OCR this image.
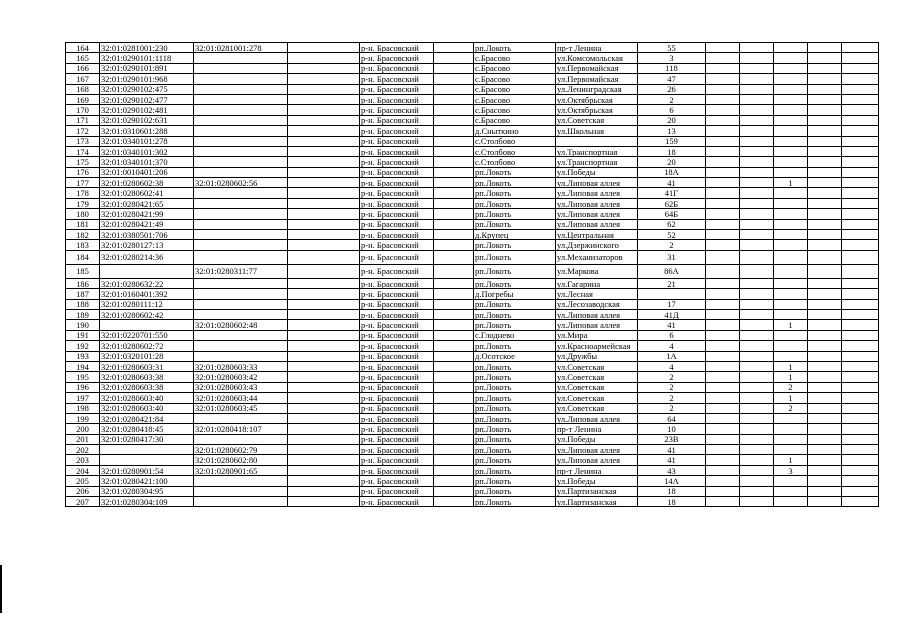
164	32:01:0281001:230	32:01:0281001:278		р-н. Брасовский		рп.Локоть	пр-т Ленина	55					

165	32:01:0290101:1118			р-н. Брасовский		с.Брасово	ул.Комсомольская	3					

166	32:01:0290101:891			р-н. Брасовский		с.Брасово	ул.Первомайская	118					

167	32:01:0290101:968			р-н. Брасовский		с.Брасово	ул.Первомайская	47					

168	32:01:0290102:475			р-н. Брасовский		с.Брасово	ул.Ленинградская	26					

169	32:01:0290102:477			р-н. Брасовский		с.Брасово	ул.Октябрьская	2					

170	32:01:0290102:481			р-н. Брасовский		с.Брасово	ул.Октябрьская	6					

171	32:01:0290102:631			р-н. Брасовский		с.Брасово	ул.Советская	20					

172	32:01:0310601:288			р-н. Брасовский		д.Сныткино	ул.Школьная	13					

173	32:01:0340101:278			р-н. Брасовский		с.Столбово		159					

174	32:01:0340101:302			р-н. Брасовский		с.Столбово	ул.Транспортная	18					

175	32:01:0340101:370			р-н. Брасовский		с.Столбово	ул.Транспортная	20					

176	32:01:0010401:206			р-н. Брасовский		рп.Локоть	ул.Победы	18А					

177	32:01:0280602:38	32:01:0280602:56		р-н. Брасовский		рп.Локоть	ул.Липовая аллея	41			1		

178	32:01:0280602:41			р-н. Брасовский		рп.Локоть	ул.Липовая аллея	41Г					

179	32:01:0280421:65			р-н. Брасовский		рп.Локоть	ул.Липовая аллея	62Б					

180	32:01:0280421:99			р-н. Брасовский		рп.Локоть	ул.Липовая аллея	64Б					

181	32:01:0280421:49			р-н. Брасовский		рп.Локоть	ул.Липовая аллея	62					

182	32:01:0380501:706			р-н. Брасовский		д.Крупец	ул.Центральная	52					

183	32:01:0280127:13			р-н. Брасовский		рп.Локоть	ул.Дзержинского	2					

184	32:01:0280214:36			р-н. Брасовский		рп.Локоть	ул.Механизаторов	31					

185		32:01:0280311:77		р-н. Брасовский		рп.Локоть	ул.Маркова	86А					

186	32:01:0280632:22			р-н. Брасовский		рп.Локоть	ул.Гагарина	21					

187	32:01:0160401:392			р-н. Брасовский		д.Погребы	ул.Лесная						

188	32:01:0280111:12			р-н. Брасовский		рп.Локоть	ул.Лесозаводская	17					

189	32:01:0280602:42			р-н. Брасовский		рп.Локоть	ул.Липовая аллея	41Д					

190		32:01:0280602:48		р-н. Брасовский		рп.Локоть	ул.Липовая аллея	41			1		

191	32:01:0220701:550			р-н. Брасовский		с.Глоднево	ул.Мира	6					

192	32:01:0280602:72			р-н. Брасовский		рп.Локоть	ул.Красноармейская	4					

193	32:01:0320101:28			р-н. Брасовский		д.Осотское	ул.Дружбы	1А					

194	32:01:0280603:31	32:01:0280603:33		р-н. Брасовский		рп.Локоть	ул.Советская	4			1		

195	32:01:0280603:38	32:01:0280603:42		р-н. Брасовский		рп.Локоть	ул.Советская	2			1		

196	32:01:0280603:38	32:01:0280603:43		р-н. Брасовский		рп.Локоть	ул.Советская	2			2		

197	32:01:0280603:40	32:01:0280603:44		р-н. Брасовский		рп.Локоть	ул.Советская	2			1		

198	32:01:0280603:40	32:01:0280603:45		р-н. Брасовский		рп.Локоть	ул.Советская	2			2		

199	32:01:0280421:84			р-н. Брасовский		рп.Локоть	ул.Липовая аллея	64					

200	32:01:0280418:45	32:01:0280418:107		р-н. Брасовский		рп.Локоть	пр-т Ленина	10					

201	32:01:0280417:30			р-н. Брасовский		рп.Локоть	ул.Победы	23В					

202		32:01:0280602:79		р-н. Брасовский		рп.Локоть	ул.Липовая аллея	41					

203		32:01:0280602:80		р-н. Брасовский		рп.Локоть	ул.Липовая аллея	41			1		

204	32:01:0280901:54	32:01:0280901:65		р-н. Брасовский		рп.Локоть	пр-т Ленина	43			3		

205	32:01:0280421:100			р-н. Брасовский		рп.Локоть	ул.Победы	14А					

206	32:01:0280304:95			р-н. Брасовский		рп.Локоть	ул.Партизанская	18					

207	32:01:0280304:109			р-н. Брасовский		рп.Локоть	ул.Партизанская	18					
